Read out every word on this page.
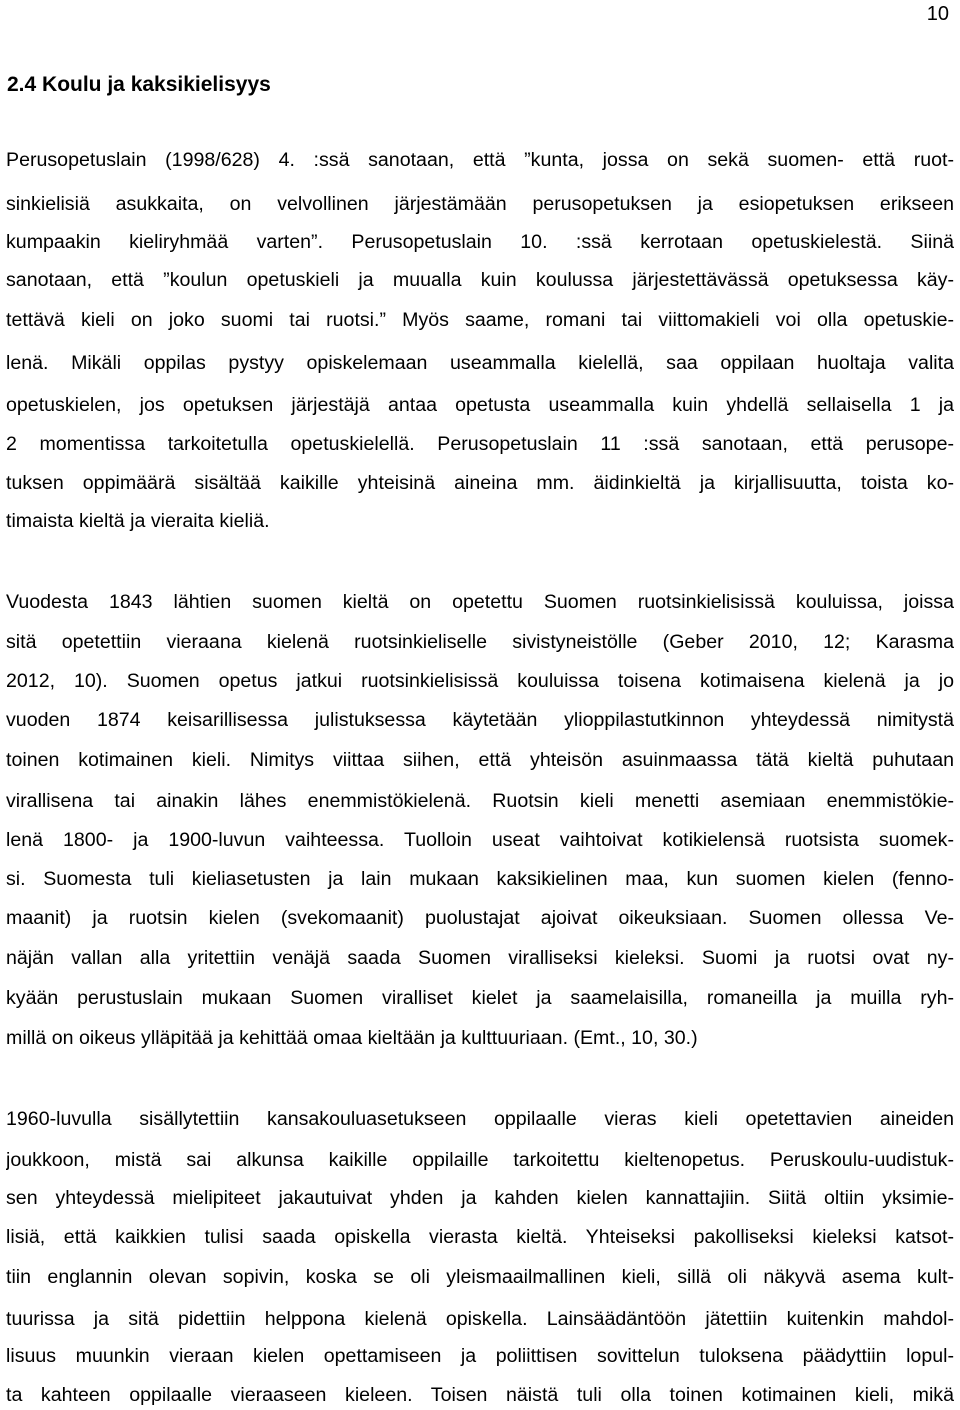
10
2.4 Koulu ja kaksikielisyys
Perusopetuslain (1998/628) 4. :ssä sanotaan, että ”kunta, jossa on sekä suomen- että ruot-
sinkielisiä asukkaita, on velvollinen järjestämään perusopetuksen ja esiopetuksen erikseen
kumpaakin kieliryhmää varten”. Perusopetuslain 10. :ssä kerrotaan opetuskielestä. Siinä
sanotaan, että ”koulun opetuskieli ja muualla kuin koulussa järjestettävässä opetuksessa käy-
tettävä kieli on joko suomi tai ruotsi.” Myös saame, romani tai viittomakieli voi olla opetuskie-
lenä. Mikäli oppilas pystyy opiskelemaan useammalla kielellä, saa oppilaan huoltaja valita
opetuskielen, jos opetuksen järjestäjä antaa opetusta useammalla kuin yhdellä sellaisella 1 ja
2 momentissa tarkoitetulla opetuskielellä. Perusopetuslain 11 :ssä sanotaan, että perusope-
tuksen oppimäärä sisältää kaikille yhteisinä aineina mm. äidinkieltä ja kirjallisuutta, toista ko-
timaista kieltä ja vieraita kieliä.
Vuodesta 1843 lähtien suomen kieltä on opetettu Suomen ruotsinkielisissä kouluissa, joissa
sitä opetettiin vieraana kielenä ruotsinkieliselle sivistyneistölle (Geber 2010, 12; Karasma
2012, 10). Suomen opetus jatkui ruotsinkielisissä kouluissa toisena kotimaisena kielenä ja jo
vuoden 1874 keisarillisessa julistuksessa käytetään ylioppilastutkinnon yhteydessä nimitystä
toinen kotimainen kieli. Nimitys viittaa siihen, että yhteisön asuinmaassa tätä kieltä puhutaan
virallisena tai ainakin lähes enemmistökielenä. Ruotsin kieli menetti asemiaan enemmistökie-
lenä 1800- ja 1900-luvun vaihteessa. Tuolloin useat vaihtoivat kotikielensä ruotsista suomek-
si. Suomesta tuli kieliasetusten ja lain mukaan kaksikielinen maa, kun suomen kielen (fenno-
maanit) ja ruotsin kielen (svekomaanit) puolustajat ajoivat oikeuksiaan. Suomen ollessa Ve-
näjän vallan alla yritettiin venäjä saada Suomen viralliseksi kieleksi. Suomi ja ruotsi ovat ny-
kyään perustuslain mukaan Suomen viralliset kielet ja saamelaisilla, romaneilla ja muilla ryh-
millä on oikeus ylläpitää ja kehittää omaa kieltään ja kulttuuriaan. (Emt., 10, 30.)
1960-luvulla sisällytettiin kansakouluasetukseen oppilaalle vieras kieli opetettavien aineiden
joukkoon, mistä sai alkunsa kaikille oppilaille tarkoitettu kieltenopetus. Peruskoulu-uudistuk-
sen yhteydessä mielipiteet jakautuivat yhden ja kahden kielen kannattajiin. Siitä oltiin yksimie-
lisiä, että kaikkien tulisi saada opiskella vierasta kieltä. Yhteiseksi pakolliseksi kieleksi katsot-
tiin englannin olevan sopivin, koska se oli yleismaailmallinen kieli, sillä oli näkyvä asema kult-
tuurissa ja sitä pidettiin helppona kielenä opiskella. Lainsäädäntöön jätettiin kuitenkin mahdol-
lisuus muunkin vieraan kielen opettamiseen ja poliittisen sovittelun tuloksena päädyttiin lopul-
ta kahteen oppilaalle vieraaseen kieleen. Toisen näistä tuli olla toinen kotimainen kieli, mikä
